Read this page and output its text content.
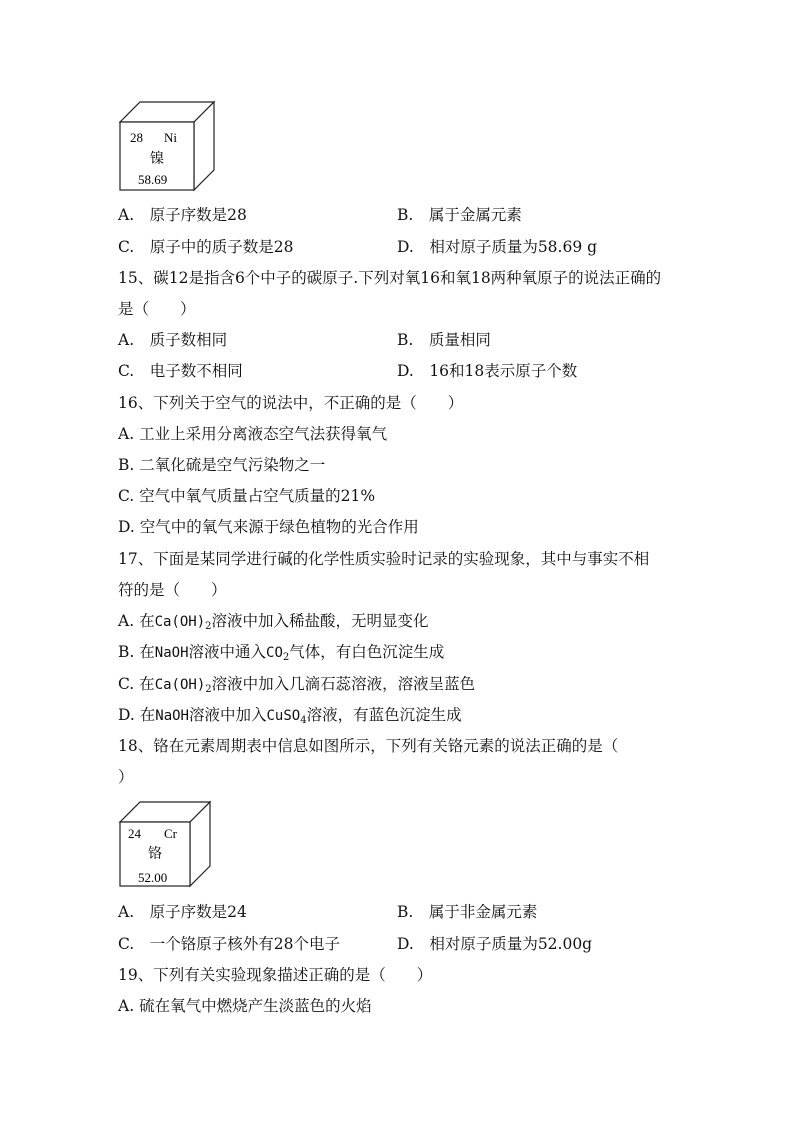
28 Ni
镍
58.69
A.  原子序数是28	B.  属于金属元素
C.  原子中的质子数是28	D.  相对原子质量为58.69 g
15、碳12是指含6个中子的碳原子.下列对氧16和氧18两种氧原子的说法正确的
是（　　）
A.  质子数相同	B.  质量相同
C.  电子数不相同	D.  16和18表示原子个数
16、下列关于空气的说法中，不正确的是（　　）
A. 工业上采用分离液态空气法获得氧气
B. 二氧化硫是空气污染物之一
C. 空气中氧气质量占空气质量的21%
D. 空气中的氧气来源于绿色植物的光合作用
17、下面是某同学进行碱的化学性质实验时记录的实验现象，其中与事实不相
符的是（　　）
A. 在$Ca(OH)_2$溶液中加入稀盐酸，无明显变化
B. 在NaOH溶液中通入$CO_2$气体，有白色沉淀生成
C. 在$Ca(OH)_2$溶液中加入几滴石蕊溶液，溶液呈蓝色
D. 在NaOH溶液中加入CuSO$_4$溶液，有蓝色沉淀生成
18、铬在元素周期表中信息如图所示，下列有关铬元素的说法正确的是（
）
24 Cr
铬
52.00
A.  原子序数是24	B.  属于非金属元素
C.  一个铬原子核外有28个电子	D.  相对原子质量为52.00g
19、下列有关实验现象描述正确的是（　　）
A. 硫在氧气中燃烧产生淡蓝色的火焰
